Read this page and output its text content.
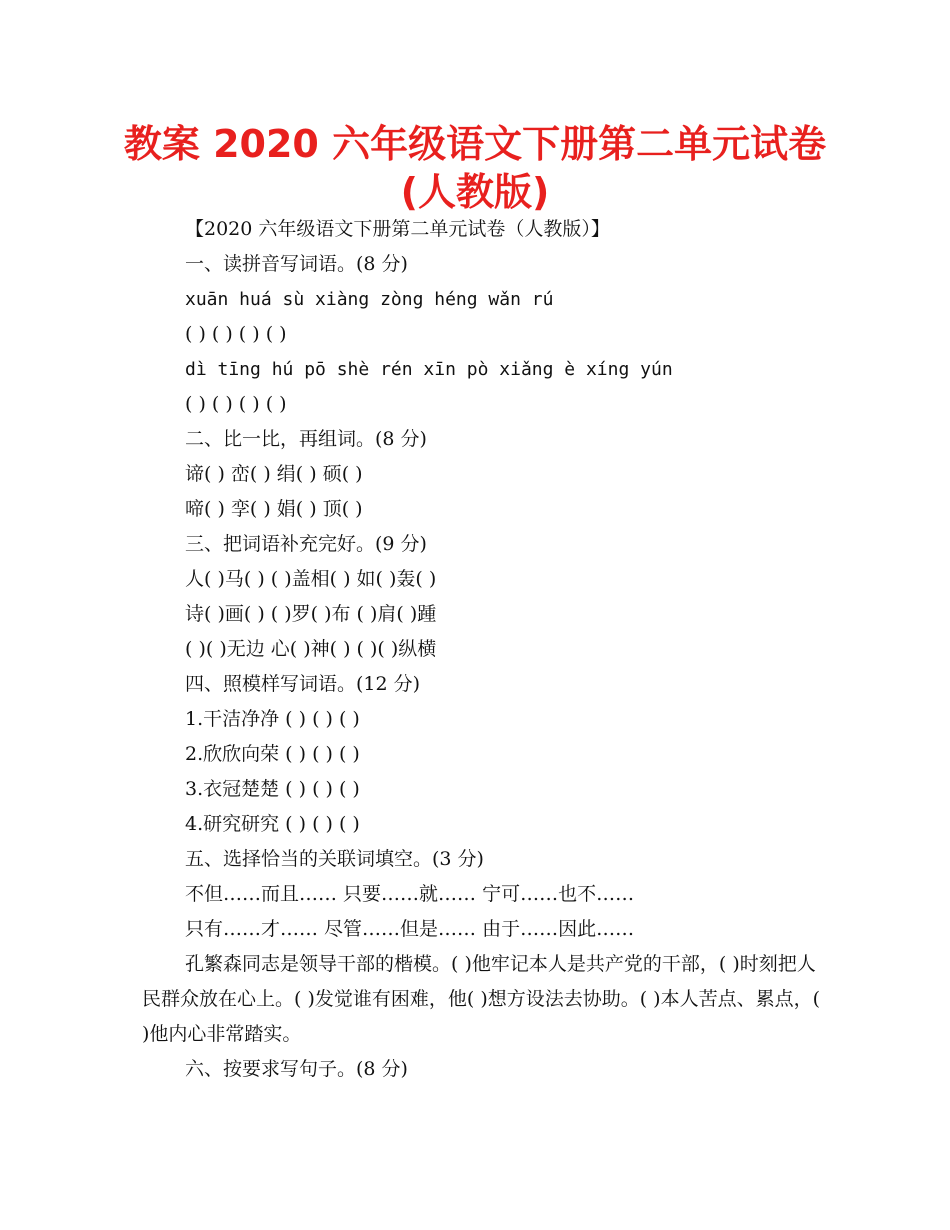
教案 2020 六年级语文下册第二单元试卷
(人教版)
【2020 六年级语文下册第二单元试卷（人教版）】
一、读拼音写词语。(8 分)
xuān huá sù xiàng zòng héng wǎn rú
( ) ( ) ( ) ( )
dì tīng hú pō shè rén xīn pò xiǎng è xíng yún
( ) ( ) ( ) ( )
二、比一比，再组词。(8 分)
谛( ) 峦( ) 绢( ) 硕( )
啼( ) 孪( ) 娟( ) 顶( )
三、把词语补充完好。(9 分)
人( )马( ) ( )盖相( ) 如( )轰( )
诗( )画( ) ( )罗( )布 ( )肩( )踵
( )( )无边 心( )神( ) ( )( )纵横
四、照模样写词语。(12 分)
1.干洁净净 ( ) ( ) ( )
2.欣欣向荣 ( ) ( ) ( )
3.衣冠楚楚 ( ) ( ) ( )
4.研究研究 ( ) ( ) ( )
五、选择恰当的关联词填空。(3 分)
不但……而且…… 只要……就…… 宁可……也不……
只有……才…… 尽管……但是…… 由于……因此……

孔繁森同志是领导干部的楷模。( )他牢记本人是共产党的干部，( )时刻把人民群众放在心上。( )发觉谁有困难，他( )想方设法去协助。( )本人苦点、累点，( )他内心非常踏实。

六、按要求写句子。(8 分)
